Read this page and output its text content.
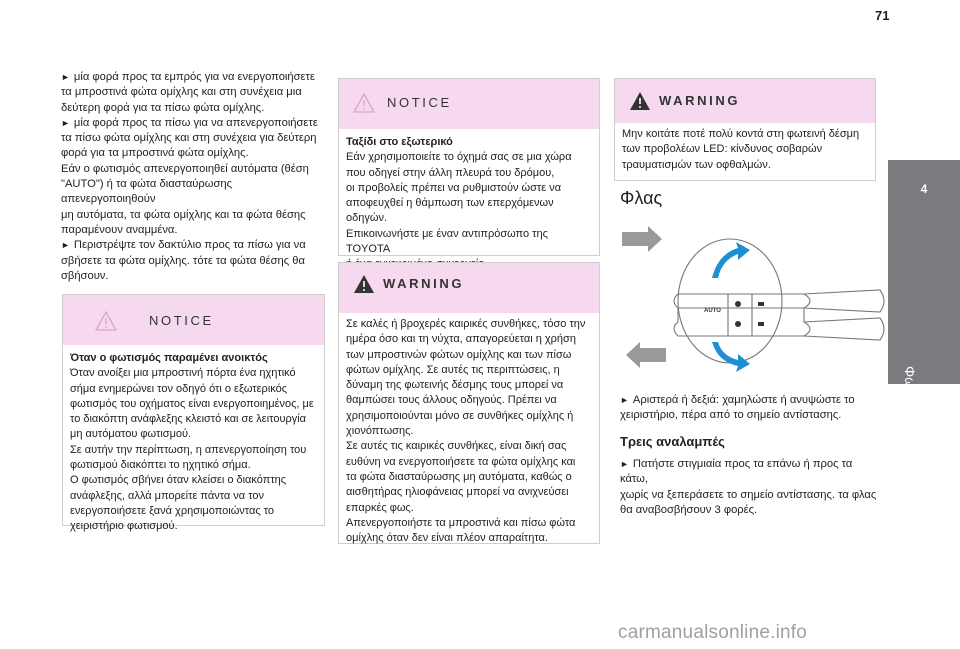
71
4
Φωτισμός και ορατότητα

► μία φορά προς τα εμπρός για να ενεργοποιήσετε

τα μπροστινά φώτα ομίχλης και στη συνέχεια μια

δεύτερη φορά για τα πίσω φώτα ομίχλης.

► μία φορά προς τα πίσω για να απενεργοποιήσετε

τα πίσω φώτα ομίχλης και στη συνέχεια για δεύτερη

φορά για τα μπροστινά φώτα ομίχλης.

Εάν ο φωτισμός απενεργοποιηθεί αυτόματα (θέση

"AUTO") ή τα φώτα διασταύρωσης απενεργοποιηθούν

μη αυτόματα, τα φώτα ομίχλης και τα φώτα θέσης

παραμένουν αναμμένα.

► Περιστρέψτε τον δακτύλιο προς τα πίσω για να

σβήσετε τα φώτα ομίχλης. τότε τα φώτα θέσης θα

σβήσουν.

NOTICE
Όταν ο φωτισμός παραμένει ανοικτός

Όταν ανοίξει μια μπροστινή πόρτα ένα ηχητικό

σήμα ενημερώνει τον οδηγό ότι ο εξωτερικός

φωτισμός του οχήματος είναι ενεργοποιημένος, με

το διακόπτη ανάφλεξης κλειστό και σε λειτουργία

μη αυτόματου φωτισμού.

Σε αυτήν την περίπτωση, η απενεργοποίηση του

φωτισμού διακόπτει το ηχητικό σήμα.

Ο φωτισμός σβήνει όταν κλείσει ο διακόπτης

ανάφλεξης, αλλά μπορείτε πάντα να τον

ενεργοποιήσετε ξανά χρησιμοποιώντας το

χειριστήριο φωτισμού.

NOTICE
Ταξίδι στο εξωτερικό

Εάν χρησιμοποιείτε το όχημά σας σε μια χώρα

που οδηγεί στην άλλη πλευρά του δρόμου,

οι προβολείς πρέπει να ρυθμιστούν ώστε να

αποφευχθεί η θάμπωση των επερχόμενων

οδηγών.

Επικοινωνήστε με έναν αντιπρόσωπο της TOYOTA

WARNING

Σε καλές ή βροχερές καιρικές συνθήκες, τόσο την

ημέρα όσο και τη νύχτα, απαγορεύεται η χρήση

των μπροστινών φώτων ομίχλης και των πίσω

φώτων ομίχλης. Σε αυτές τις περιπτώσεις, η

δύναμη της φωτεινής δέσμης τους μπορεί να

θαμπώσει τους άλλους οδηγούς. Πρέπει να

χρησιμοποιούνται μόνο σε συνθήκες ομίχλης ή

χιονόπτωσης.

Σε αυτές τις καιρικές συνθήκες, είναι δική σας

ευθύνη να ενεργοποιήσετε τα φώτα ομίχλης και

τα φώτα διασταύρωσης μη αυτόματα, καθώς ο

αισθητήρας ηλιοφάνειας μπορεί να ανιχνεύσει

επαρκές φως.

Απενεργοποιήστε τα μπροστινά και πίσω φώτα

ομίχλης όταν δεν είναι πλέον απαραίτητα.

WARNING

Μην κοιτάτε ποτέ πολύ κοντά στη φωτεινή δέσμη

των προβολέων LED: κίνδυνος σοβαρών

τραυματισμών των οφθαλμών.

Φλας
AUTO

► Αριστερά ή δεξιά: χαμηλώστε ή ανυψώστε το

χειριστήριο, πέρα από το σημείο αντίστασης.

Τρεις αναλαμπές

► Πατήστε στιγμιαία προς τα επάνω ή προς τα κάτω,

χωρίς να ξεπεράσετε το σημείο αντίστασης. τα φλας

θα αναβοσβήσουν 3 φορές.

carmanualsonline.info
